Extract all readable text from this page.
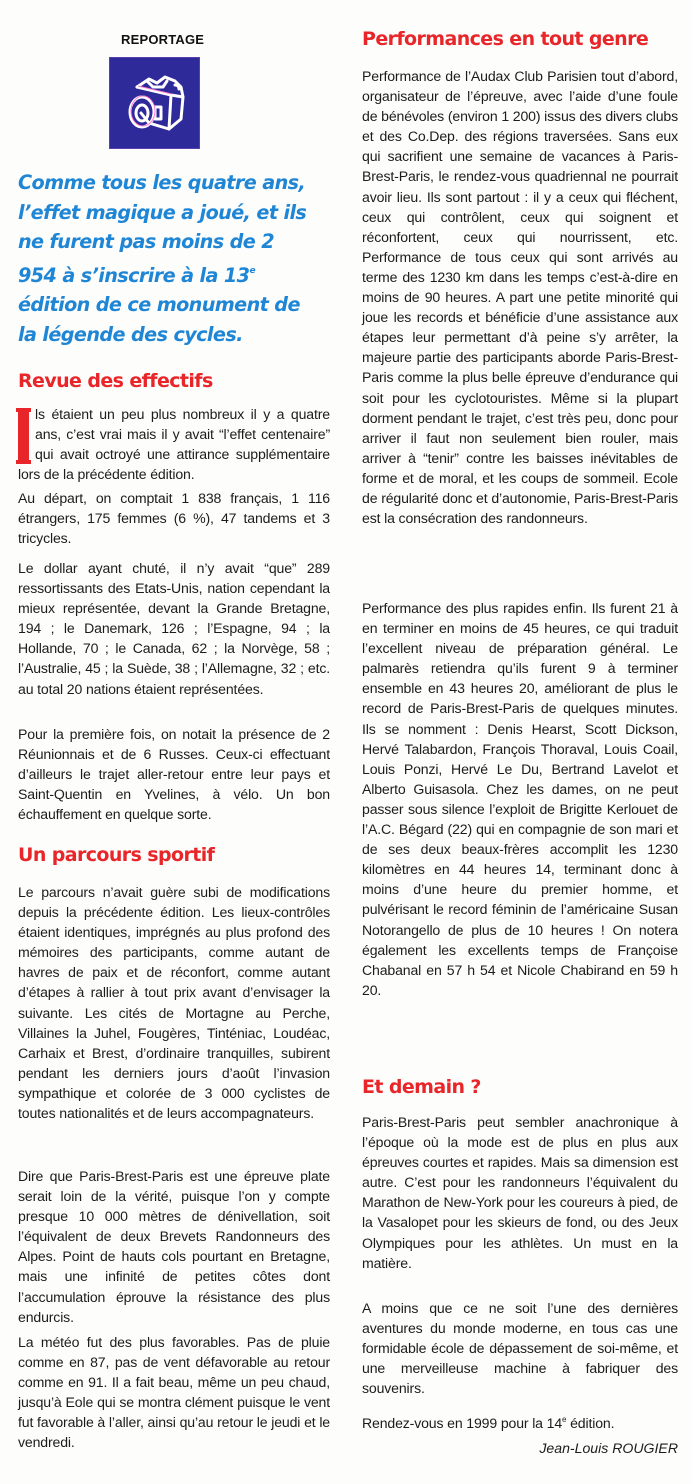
REPORTAGE
Comme tous les quatre ans, l’effet magique a joué, et ils ne furent pas moins de 2 954 à s’inscrire à la 13e édition de ce monument de la légende des cycles.
Revue des effectifs

ls étaient un peu plus nombreux il y a quatre ans, c’est vrai mais il y avait “l’effet centenaire” qui avait octroyé une attirance supplémentaire lors de la précédente édition.

Au départ, on comptait 1 838 français, 1 116 étrangers, 175 femmes (6 %), 47 tandems et 3 tricycles.

Le dollar ayant chuté, il n’y avait “que” 289 ressortissants des Etats-Unis, nation cependant la mieux représentée, devant la Grande Bretagne, 194 ; le Danemark, 126 ; l’Espagne, 94 ; la Hollande, 70 ; le Canada, 62 ; la Norvège, 58 ; l’Australie, 45 ; la Suède, 38 ; l’Allemagne, 32 ; etc. au total 20 nations étaient représentées.

Pour la première fois, on notait la présence de 2 Réunionnais et de 6 Russes. Ceux-ci effectuant d’ailleurs le trajet aller-retour entre leur pays et Saint-Quentin en Yvelines, à vélo. Un bon échauffement en quelque sorte.

Un parcours sportif

Le parcours n’avait guère subi de modifications depuis la précédente édition. Les lieux-contrôles étaient identiques, imprégnés au plus profond des mémoires des participants, comme autant de havres de paix et de réconfort, comme autant d’étapes à rallier à tout prix avant d’envisager la suivante. Les cités de Mortagne au Perche, Villaines la Juhel, Fougères, Tinténiac, Loudéac, Carhaix et Brest, d’ordinaire tranquilles, subirent pendant les derniers jours d’août l’invasion sympathique et colorée de 3 000 cyclistes de toutes nationalités et de leurs accompagnateurs.

Dire que Paris-Brest-Paris est une épreuve plate serait loin de la vérité, puisque l’on y compte presque 10 000 mètres de dénivellation, soit l’équivalent de deux Brevets Randonneurs des Alpes. Point de hauts cols pourtant en Bretagne, mais une infinité de petites côtes dont l’accumulation éprouve la résistance des plus endurcis.

La météo fut des plus favorables. Pas de pluie comme en 87, pas de vent défavorable au retour comme en 91. Il a fait beau, même un peu chaud, jusqu’à Eole qui se montra clément puisque le vent fut favorable à l’aller, ainsi qu’au retour le jeudi et le vendredi.

Performances en tout genre

Performance de l’Audax Club Parisien tout d’abord, organisateur de l’épreuve, avec l’aide d’une foule de bénévoles (environ 1 200) issus des divers clubs et des Co.Dep. des régions traversées. Sans eux qui sacrifient une semaine de vacances à Paris-Brest-Paris, le rendez-vous quadriennal ne pourrait avoir lieu. Ils sont partout : il y a ceux qui fléchent, ceux qui contrôlent, ceux qui soignent et réconfortent, ceux qui nourrissent, etc. Performance de tous ceux qui sont arrivés au terme des 1230 km dans les temps c’est-à-dire en moins de 90 heures. A part une petite minorité qui joue les records et bénéficie d’une assistance aux étapes leur permettant d’à peine s’y arrêter, la majeure partie des participants aborde Paris-Brest-Paris comme la plus belle épreuve d’endurance qui soit pour les cyclotouristes. Même si la plupart dorment pendant le trajet, c’est très peu, donc pour arriver il faut non seulement bien rouler, mais arriver à “tenir” contre les baisses inévitables de forme et de moral, et les coups de sommeil. Ecole de régularité donc et d’autonomie, Paris-Brest-Paris est la consécration des randonneurs.

Performance des plus rapides enfin. Ils furent 21 à en terminer en moins de 45 heures, ce qui traduit l’excellent niveau de préparation général. Le palmarès retiendra qu’ils furent 9 à terminer ensemble en 43 heures 20, améliorant de plus le record de Paris-Brest-Paris de quelques minutes. Ils se nomment : Denis Hearst, Scott Dickson, Hervé Talabardon, François Thoraval, Louis Coail, Louis Ponzi, Hervé Le Du, Bertrand Lavelot et Alberto Guisasola. Chez les dames, on ne peut passer sous silence l’exploit de Brigitte Kerlouet de l’A.C. Bégard (22) qui en compagnie de son mari et de ses deux beaux-frères accomplit les 1230 kilomètres en 44 heures 14, terminant donc à moins d’une heure du premier homme, et pulvérisant le record féminin de l’américaine Susan Notorangello de plus de 10 heures ! On notera également les excellents temps de Françoise Chabanal en 57 h 54 et Nicole Chabirand en 59 h 20.

Et demain ?

Paris-Brest-Paris peut sembler anachronique à l’époque où la mode est de plus en plus aux épreuves courtes et rapides. Mais sa dimension est autre. C’est pour les randonneurs l’équivalent du Marathon de New-York pour les coureurs à pied, de la Vasalopet pour les skieurs de fond, ou des Jeux Olympiques pour les athlètes. Un must en la matière.

A moins que ce ne soit l’une des dernières aventures du monde moderne, en tous cas une formidable école de dépassement de soi-même, et une merveilleuse machine à fabriquer des souvenirs.

Rendez-vous en 1999 pour la 14e édition.

Jean-Louis ROUGIER
